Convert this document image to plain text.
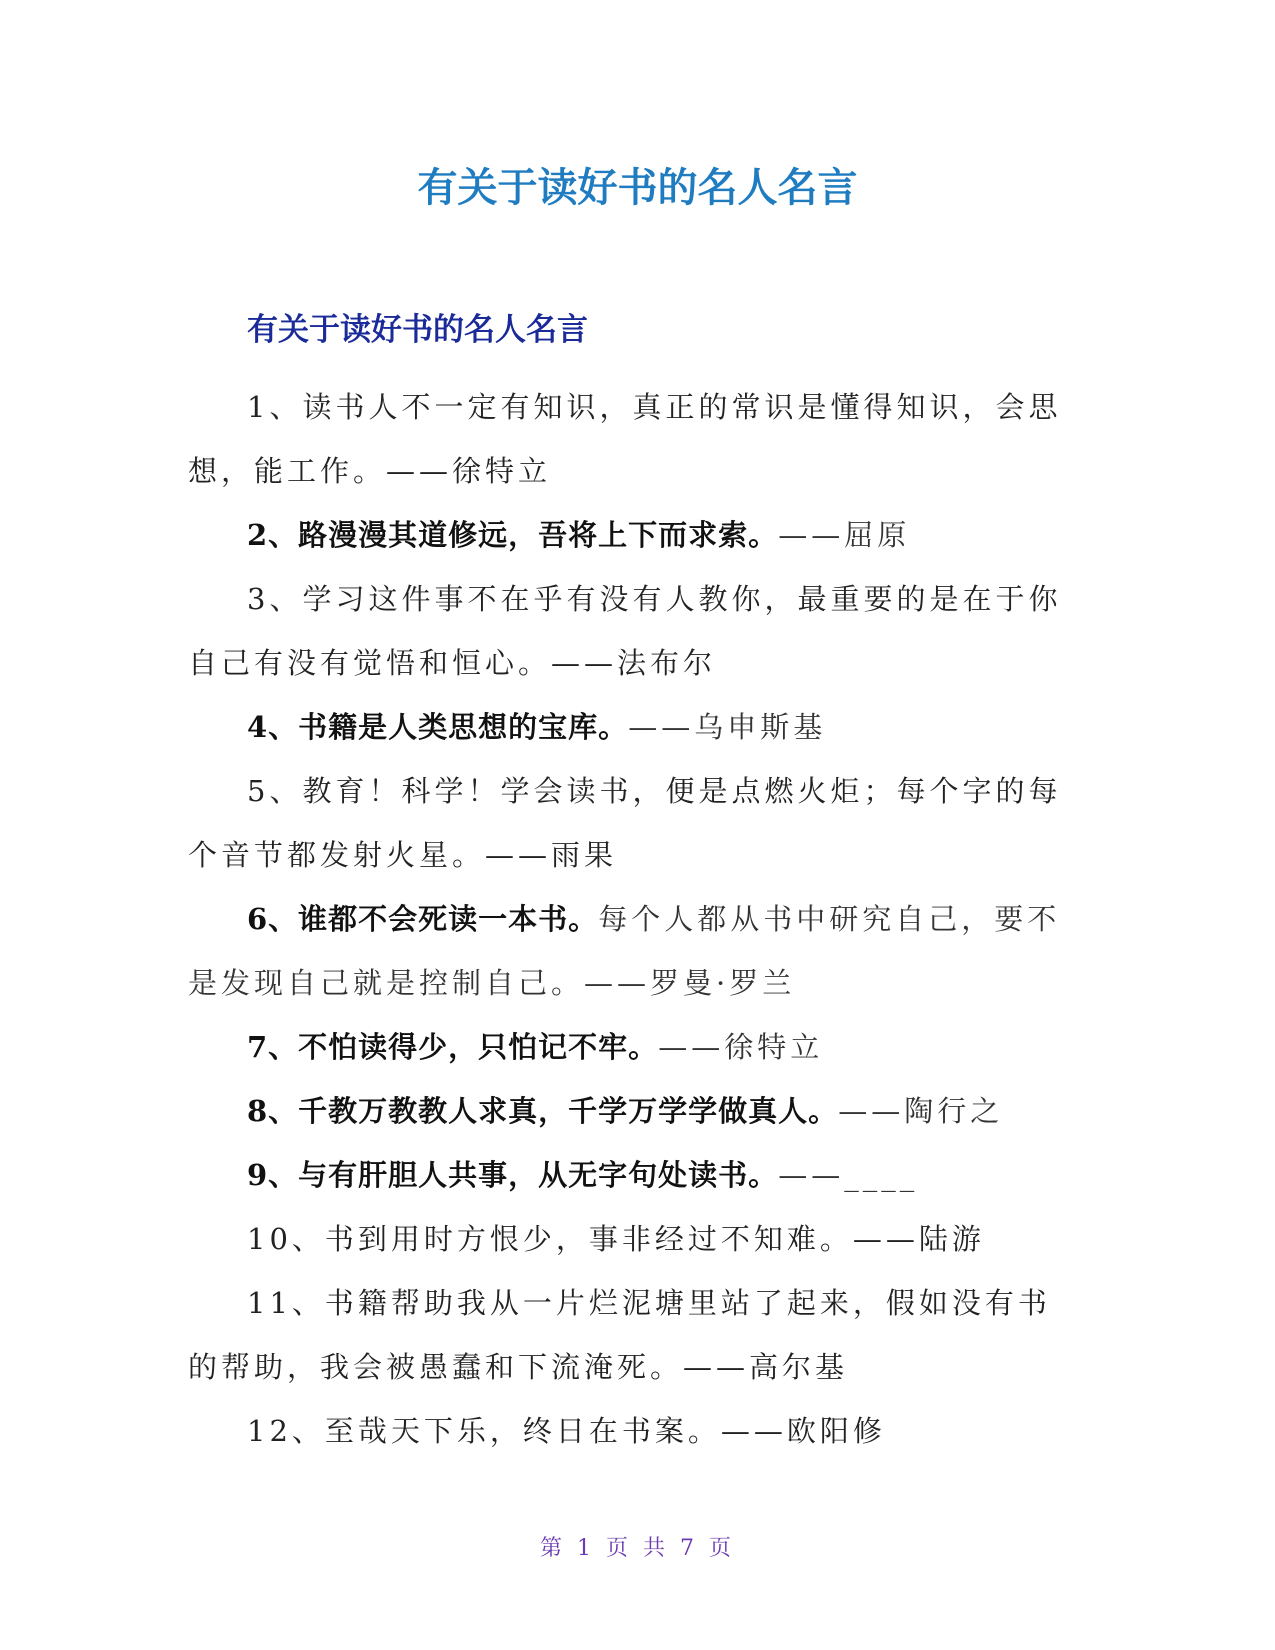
有关于读好书的名人名言
有关于读好书的名人名言

1、读书人不一定有知识，真正的常识是懂得知识，会思想，能工作。——徐特立

2、路漫漫其道修远，吾将上下而求索。——屈原

3、学习这件事不在乎有没有人教你，最重要的是在于你自己有没有觉悟和恒心。——法布尔

4、书籍是人类思想的宝库。——乌申斯基

5、教育！科学！学会读书，便是点燃火炬；每个字的每个音节都发射火星。——雨果

6、谁都不会死读一本书。每个人都从书中研究自己，要不是发现自己就是控制自己。——罗曼·罗兰

7、不怕读得少，只怕记不牢。——徐特立

8、千教万教教人求真，千学万学学做真人。——陶行之

9、与有肝胆人共事，从无字句处读书。——____

10、书到用时方恨少，事非经过不知难。——陆游

11、书籍帮助我从一片烂泥塘里站了起来，假如没有书的帮助，我会被愚蠢和下流淹死。——高尔基

12、至哉天下乐，终日在书案。——欧阳修

第 1 页 共 7 页
